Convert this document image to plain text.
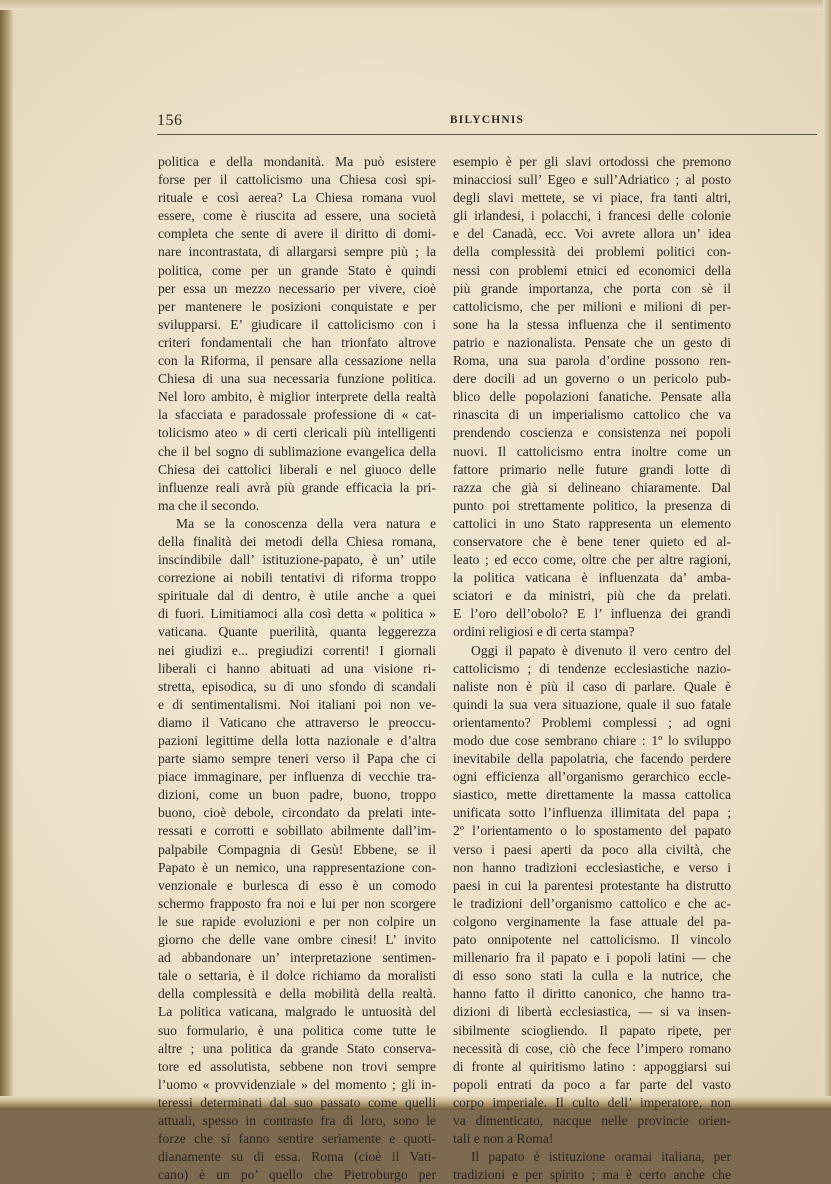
156	BILYCHNIS
politica e della mondanità. Ma può esistere
forse per il cattolicismo una Chiesa così spi-
rituale e così aerea? La Chiesa romana vuol
essere, come è riuscita ad essere, una società
completa che sente di avere il diritto di domi-
nare incontrastata, di allargarsi sempre più ; la
politica, come per un grande Stato è quindi
per essa un mezzo necessario per vivere, cioè
per mantenere le posizioni conquistate e per
svilupparsi. E’ giudicare il cattolicismo con i
criteri fondamentali che han trionfato altrove
con la Riforma, il pensare alla cessazione nella
Chiesa di una sua necessaria funzione politica.
Nel loro ambito, è miglior interprete della realtà
la sfacciata e paradossale professione di « cat-
tolicismo ateo » di certi clericali più intelligenti
che il bel sogno di sublimazione evangelica della
Chiesa dei cattolici liberali e nel giuoco delle
influenze reali avrà più grande efficacia la pri-
ma che il secondo.
Ma se la conoscenza della vera natura e
della finalità dei metodi della Chiesa romana,
inscindibile dall’ istituzione-papato, è un’ utile
correzione ai nobili tentativi di riforma troppo
spirituale dal di dentro, è utile anche a quei
di fuori. Limitiamoci alla così detta « politica »
vaticana. Quante puerilità, quanta leggerezza
nei giudizi e... pregiudizi correnti! I giornali
liberali ci hanno abituati ad una visione ri-
stretta, episodica, su di uno sfondo di scandali
e di sentimentalismi. Noi italiani poi non ve-
diamo il Vaticano che attraverso le preoccu-
pazioni legittime della lotta nazionale e d’altra
parte siamo sempre teneri verso il Papa che ci
piace immaginare, per influenza di vecchie tra-
dizioni, come un buon padre, buono, troppo
buono, cioè debole, circondato da prelati inte-
ressati e corrotti e sobillato abilmente dall’im-
palpabile Compagnia di Gesù! Ebbene, se il
Papato è un nemico, una rappresentazione con-
venzionale e burlesca di esso è un comodo
schermo frapposto fra noi e lui per non scorgere
le sue rapide evoluzioni e per non colpire un
giorno che delle vane ombre cinesi! L’ invito
ad abbandonare un’ interpretazione sentimen-
tale o settaria, è il dolce richiamo da moralisti
della complessità e della mobilità della realtà.
La politica vaticana, malgrado le untuosità del
suo formulario, è una politica come tutte le
altre ; una politica da grande Stato conserva-
tore ed assolutista, sebbene non trovi sempre
l’uomo « provvidenziale » del momento ; gli in-
teressi determinati dal suo passato come quelli
attuali, spesso in contrasto fra di loro, sono le
forze che si fanno sentire seriamente e quoti-
dianamente su di essa. Roma (cioè il Vati-
cano) è un po’ quello che Pietroburgo per
esempio è per gli slavi ortodossi che premono
minacciosi sull’ Egeo e sull’Adriatico ; al posto
degli slavi mettete, se vi piace, fra tanti altri,
gli irlandesi, i polacchi, i francesi delle colonie
e del Canadà, ecc. Voi avrete allora un’ idea
della complessità dei problemi politici con-
nessi con problemi etnici ed economici della
più grande importanza, che porta con sè il
cattolicismo, che per milioni e milioni di per-
sone ha la stessa influenza che il sentimento
patrio e nazionalista. Pensate che un gesto di
Roma, una sua parola d’ordine possono ren-
dere docili ad un governo o un pericolo pub-
blico delle popolazioni fanatiche. Pensate alla
rinascita di un imperialismo cattolico che va
prendendo coscienza e consistenza nei popoli
nuovi. Il cattolicismo entra inoltre come un
fattore primario nelle future grandi lotte di
razza che già si delineano chiaramente. Dal
punto poi strettamente politico, la presenza di
cattolici in uno Stato rappresenta un elemento
conservatore che è bene tener quieto ed al-
leato ; ed ecco come, oltre che per altre ragioni,
la politica vaticana è influenzata da’ amba-
sciatori e da ministri, più che da prelati.
E l’oro dell’obolo? E l’ influenza dei grandi
ordini religiosi e di certa stampa?
Oggi il papato è divenuto il vero centro del
cattolicismo ; di tendenze ecclesiastiche nazio-
naliste non è più il caso di parlare. Quale è
quindi la sua vera situazione, quale il suo fatale
orientamento? Problemi complessi ; ad ogni
modo due cose sembrano chiare : 1º lo sviluppo
inevitabile della papolatria, che facendo perdere
ogni efficienza all’organismo gerarchico eccle-
siastico, mette direttamente la massa cattolica
unificata sotto l’influenza illimitata del papa ;
2º l’orientamento o lo spostamento del papato
verso i paesi aperti da poco alla civiltà, che
non hanno tradizioni ecclesiastiche, e verso i
paesi in cui la parentesi protestante ha distrutto
le tradizioni dell’organismo cattolico e che ac-
colgono verginamente la fase attuale del pa-
pato onnipotente nel cattolicismo. Il vincolo
millenario fra il papato e i popoli latini — che
di esso sono stati la culla e la nutrice, che
hanno fatto il diritto canonico, che hanno tra-
dizioni di libertà ecclesiastica, — si va insen-
sibilmente sciogliendo. Il papato ripete, per
necessità di cose, ciò che fece l’impero romano
di fronte al quiritismo latino : appoggiarsi sui
popoli entrati da poco a far parte del vasto
corpo imperiale. Il culto dell’ imperatore, non
va dimenticato, nacque nelle provincie orien-
tali e non a Roma!
Il papato è istituzione oramai italiana, per
tradizioni e per spirito ; ma è certo anche che
